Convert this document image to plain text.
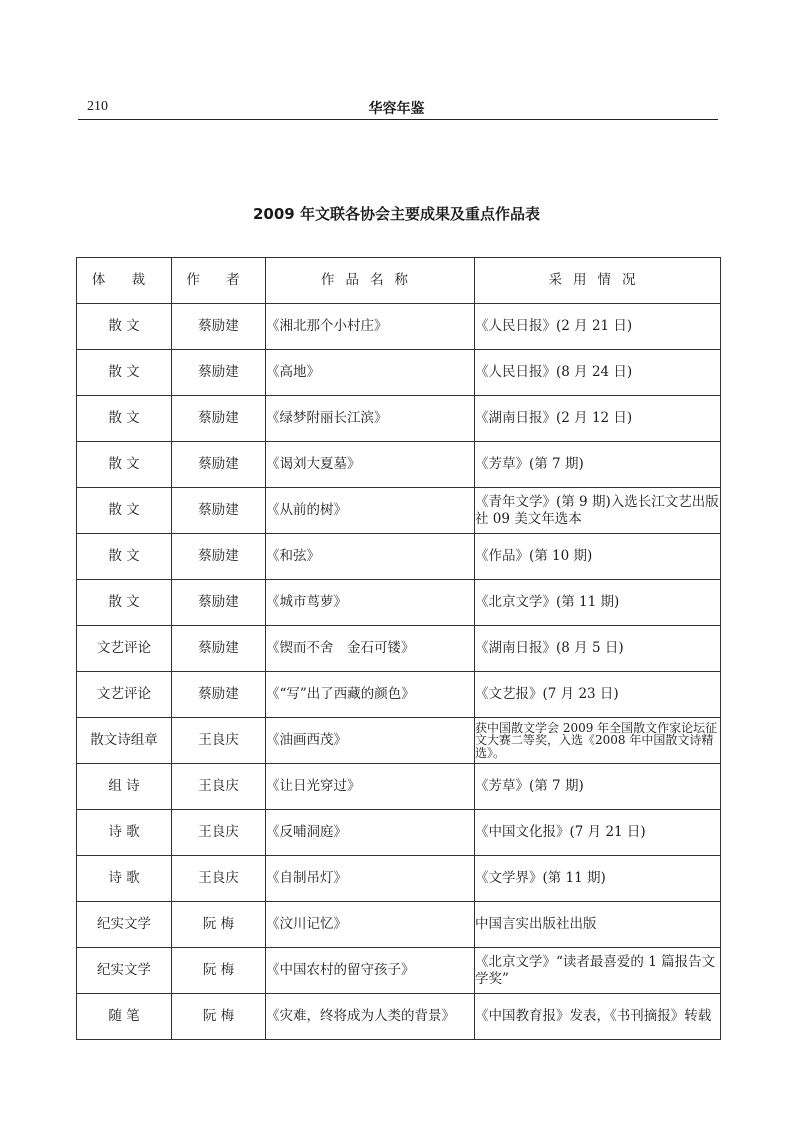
210	华容年鉴
2009 年文联各协会主要成果及重点作品表
体 裁	作 者	作品名称	采用情况
散 文	蔡励建	《湘北那个小村庄》	《人民日报》(2 月 21 日)
散 文	蔡励建	《高地》	《人民日报》(8 月 24 日)
散 文	蔡励建	《绿梦附丽长江滨》	《湖南日报》(2 月 12 日)
散 文	蔡励建	《谒刘大夏墓》	《芳草》(第 7 期)
散 文	蔡励建	《从前的树》	《青年文学》(第 9 期)入选长江文艺出版社 09 美文年选本
散 文	蔡励建	《和弦》	《作品》(第 10 期)
散 文	蔡励建	《城市茑萝》	《北京文学》(第 11 期)
文艺评论	蔡励建	《锲而不舍　金石可镂》	《湖南日报》(8 月 5 日)
文艺评论	蔡励建	《“写”出了西藏的颜色》	《文艺报》(7 月 23 日)
散文诗组章	王良庆	《油画西茂》	获中国散文学会 2009 年全国散文作家论坛征文大赛二等奖，入选《2008 年中国散文诗精选》。
组 诗	王良庆	《让日光穿过》	《芳草》(第 7 期)
诗 歌	王良庆	《反哺洞庭》	《中国文化报》(7 月 21 日)
诗 歌	王良庆	《自制吊灯》	《文学界》(第 11 期)
纪实文学	阮 梅	《汶川记忆》	中国言实出版社出版
纪实文学	阮 梅	《中国农村的留守孩子》	《北京文学》“读者最喜爱的 1 篇报告文学奖”
随 笔	阮 梅	《灾难，终将成为人类的背景》	《中国教育报》发表，《书刊摘报》转载
